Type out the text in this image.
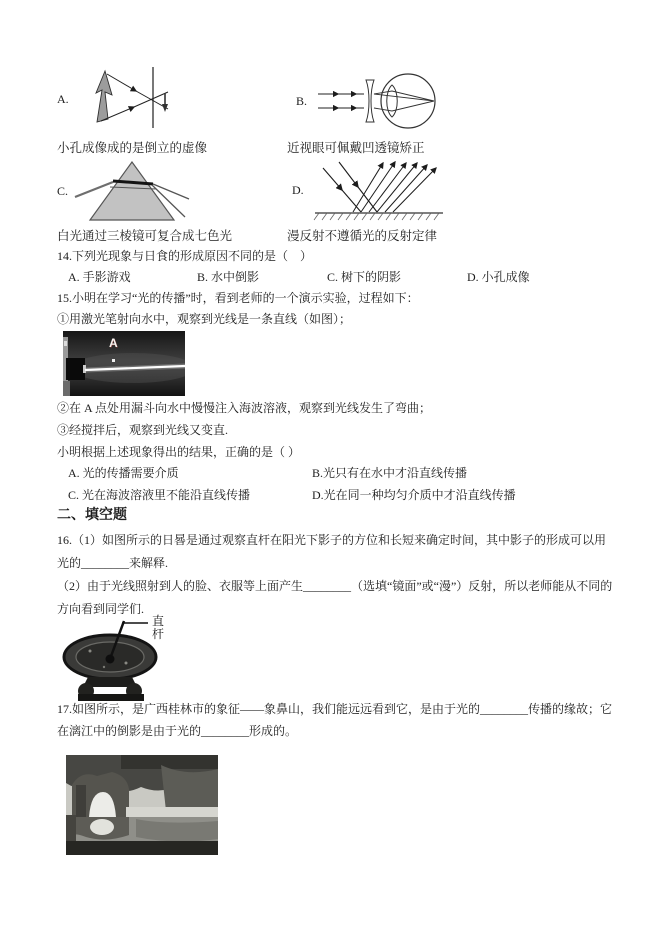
A.	B.
小孔成像成的是倒立的虚像	近视眼可佩戴凹透镜矫正
C.	D.
白光通过三棱镜可复合成七色光	漫反射不遵循光的反射定律
14.下列光现象与日食的形成原因不同的是（　）
A. 手影游戏	B. 水中倒影	C. 树下的阴影	D. 小孔成像
15.小明在学习“光的传播”时，看到老师的一个演示实验，过程如下：
①用激光笔射向水中，观察到光线是一条直线（如图）；
A
②在 A 点处用漏斗向水中慢慢注入海波溶液，观察到光线发生了弯曲；
③经搅拌后，观察到光线又变直.
小明根据上述现象得出的结果，正确的是（ ）
A. 光的传播需要介质	B.光只有在水中才沿直线传播
C. 光在海波溶液里不能沿直线传播	D.光在同一种均匀介质中才沿直线传播
二、填空题
16.（1）如图所示的日晷是通过观察直杆在阳光下影子的方位和长短来确定时间，其中影子的形成可以用
光的________来解释.
（2）由于光线照射到人的脸、衣服等上面产生________（选填“镜面”或“漫”）反射，所以老师能从不同的
方向看到同学们.
直杆
17.如图所示，是广西桂林市的象征——象鼻山，我们能远远看到它，是由于光的________传播的缘故；它
在漓江中的倒影是由于光的________形成的。
